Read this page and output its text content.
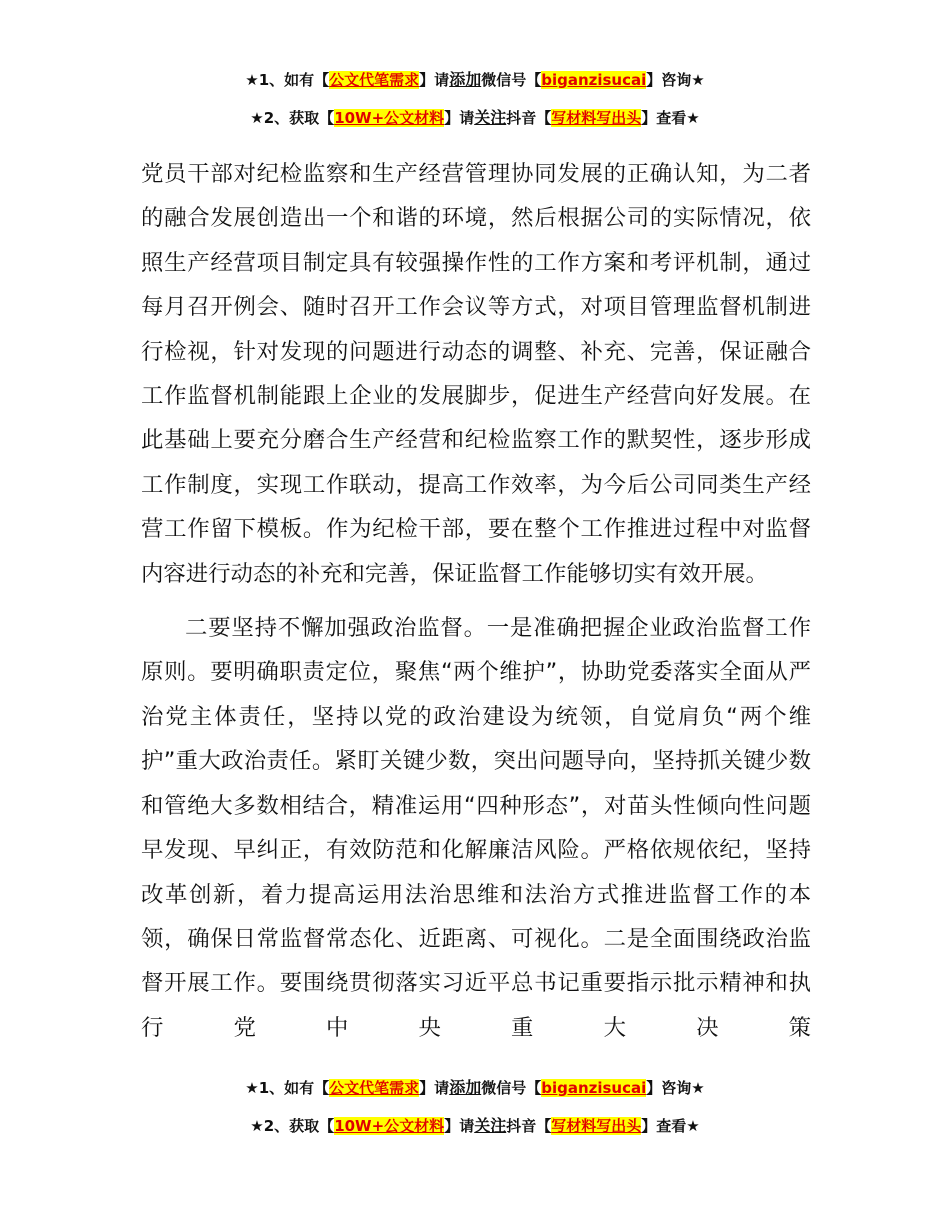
★1、如有【公文代笔需求】请添加微信号【biganzisucai】咨询★
★2、获取【10W+公文材料】请关注抖音【写材料写出头】查看★

党员干部对纪检监察和生产经营管理协同发展的正确认知，为二者的融合发展创造出一个和谐的环境，然后根据公司的实际情况，依照生产经营项目制定具有较强操作性的工作方案和考评机制，通过每月召开例会、随时召开工作会议等方式，对项目管理监督机制进行检视，针对发现的问题进行动态的调整、补充、完善，保证融合工作监督机制能跟上企业的发展脚步，促进生产经营向好发展。在此基础上要充分磨合生产经营和纪检监察工作的默契性，逐步形成工作制度，实现工作联动，提高工作效率，为今后公司同类生产经营工作留下模板。作为纪检干部，要在整个工作推进过程中对监督内容进行动态的补充和完善，保证监督工作能够切实有效开展。

二要坚持不懈加强政治监督。一是准确把握企业政治监督工作原则。要明确职责定位，聚焦“两个维护”，协助党委落实全面从严治党主体责任，坚持以党的政治建设为统领，自觉肩负“两个维护”重大政治责任。紧盯关键少数，突出问题导向，坚持抓关键少数和管绝大多数相结合，精准运用“四种形态”，对苗头性倾向性问题早发现、早纠正，有效防范和化解廉洁风险。严格依规依纪，坚持改革创新，着力提高运用法治思维和法治方式推进监督工作的本领，确保日常监督常态化、近距离、可视化。二是全面围绕政治监督开展工作。要围绕贯彻落实习近平总书记重要指示批示精神和执行党中央重大决策

★1、如有【公文代笔需求】请添加微信号【biganzisucai】咨询★
★2、获取【10W+公文材料】请关注抖音【写材料写出头】查看★
